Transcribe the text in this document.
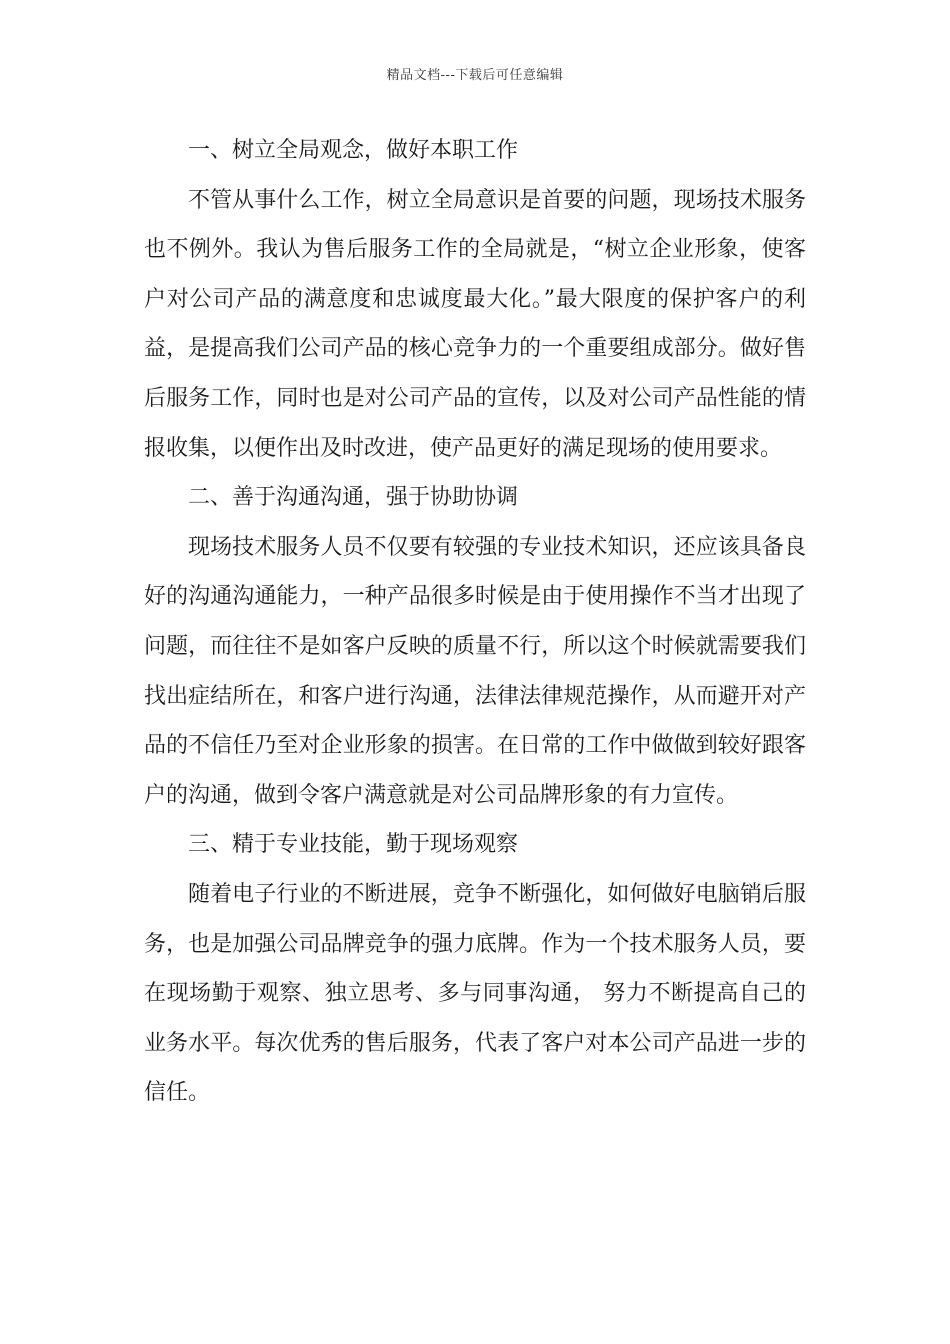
精品文档---下载后可任意编辑

一、树立全局观念，做好本职工作

不管从事什么工作，树立全局意识是首要的问题，现场技术服务也不例外。我认为售后服务工作的全局就是，“树立企业形象，使客户对公司产品的满意度和忠诚度最大化。”最大限度的保护客户的利益，是提高我们公司产品的核心竞争力的一个重要组成部分。做好售后服务工作，同时也是对公司产品的宣传，以及对公司产品性能的情报收集，以便作出及时改进，使产品更好的满足现场的使用要求。

二、善于沟通沟通，强于协助协调

现场技术服务人员不仅要有较强的专业技术知识，还应该具备良好的沟通沟通能力，一种产品很多时候是由于使用操作不当才出现了问题，而往往不是如客户反映的质量不行，所以这个时候就需要我们找出症结所在，和客户进行沟通，法律法律规范操作，从而避开对产品的不信任乃至对企业形象的损害。在日常的工作中做做到较好跟客户的沟通，做到令客户满意就是对公司品牌形象的有力宣传。

三、精于专业技能，勤于现场观察

随着电子行业的不断进展，竞争不断强化，如何做好电脑销后服务，也是加强公司品牌竞争的强力底牌。作为一个技术服务人员，要在现场勤于观察、独立思考、多与同事沟通， 努力不断提高自己的业务水平。每次优秀的售后服务，代表了客户对本公司产品进一步的信任。
